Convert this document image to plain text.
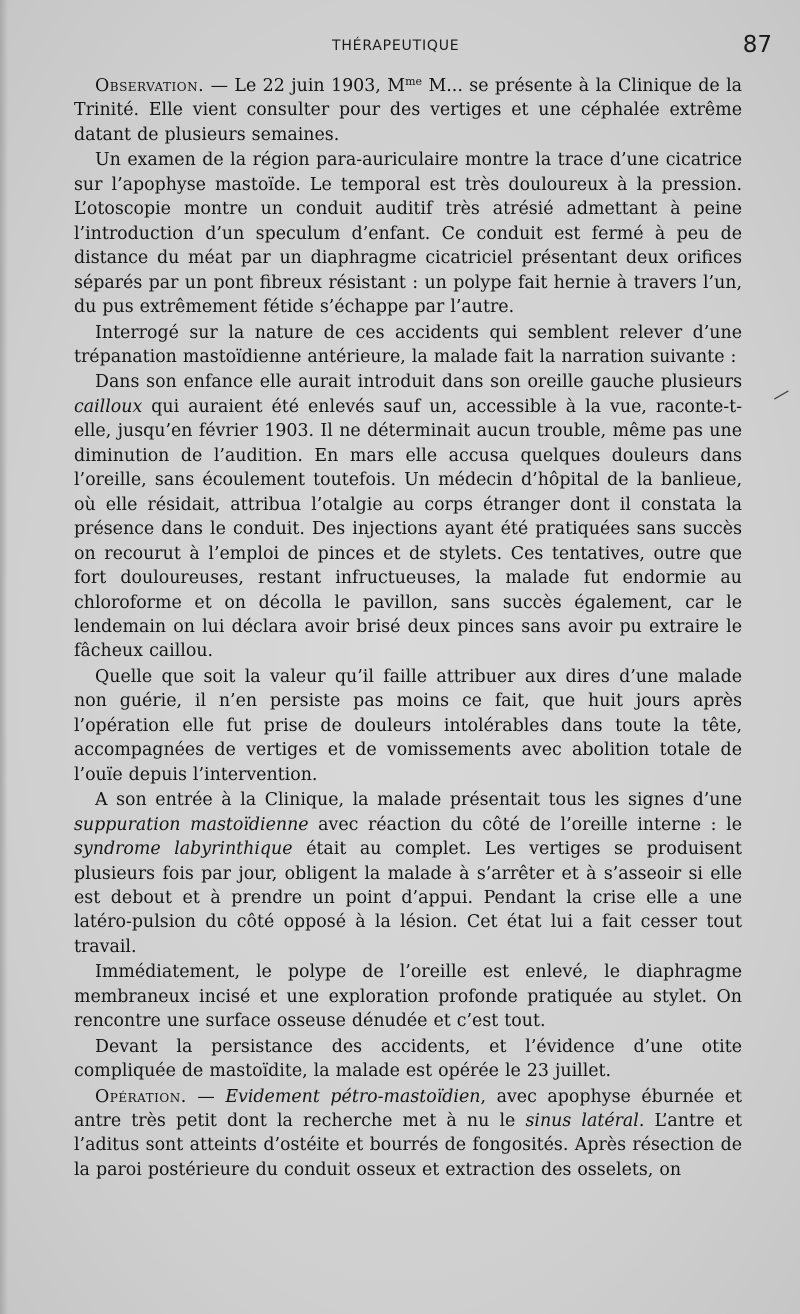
THÉRAPEUTIQUE	87

Observation. — Le 22 juin 1903, $M^{me}$ M... se présente à la Clinique de la Trinité. Elle vient consulter pour des vertiges et une céphalée extrême datant de plusieurs semaines.

Un examen de la région para-auriculaire montre la trace d’une cicatrice sur l’apophyse mastoïde. Le temporal est très douloureux à la pression. L’otoscopie montre un conduit auditif très atrésié admettant à peine l’introduction d’un speculum d’enfant. Ce conduit est fermé à peu de distance du méat par un diaphragme cicatriciel présentant deux orifices séparés par un pont fibreux résistant : un polype fait hernie à travers l’un, du pus extrêmement fétide s’échappe par l’autre.

Interrogé sur la nature de ces accidents qui semblent relever d’une trépanation mastoïdienne antérieure, la malade fait la narration suivante :

Dans son enfance elle aurait introduit dans son oreille gauche plusieurs cailloux qui auraient été enlevés sauf un, accessible à la vue, raconte-t-elle, jusqu’en février 1903. Il ne déterminait aucun trouble, même pas une diminution de l’audition. En mars elle accusa quelques douleurs dans l’oreille, sans écoulement toutefois. Un médecin d’hôpital de la banlieue, où elle résidait, attribua l’otalgie au corps étranger dont il constata la présence dans le conduit. Des injections ayant été pratiquées sans succès on recourut à l’emploi de pinces et de stylets. Ces tentatives, outre que fort douloureuses, restant infructueuses, la malade fut endormie au chloroforme et on décolla le pavillon, sans succès également, car le lendemain on lui déclara avoir brisé deux pinces sans avoir pu extraire le fâcheux caillou.

Quelle que soit la valeur qu’il faille attribuer aux dires d’une malade non guérie, il n’en persiste pas moins ce fait, que huit jours après l’opération elle fut prise de douleurs intolérables dans toute la tête, accompagnées de vertiges et de vomissements avec abolition totale de l’ouïe depuis l’intervention.

A son entrée à la Clinique, la malade présentait tous les signes d’une suppuration mastoïdienne avec réaction du côté de l’oreille interne : le syndrome labyrinthique était au complet. Les vertiges se produisent plusieurs fois par jour, obligent la malade à s’arrêter et à s’asseoir si elle est debout et à prendre un point d’appui. Pendant la crise elle a une latéro-pulsion du côté opposé à la lésion. Cet état lui a fait cesser tout travail.

Immédiatement, le polype de l’oreille est enlevé, le diaphragme membraneux incisé et une exploration profonde pratiquée au stylet. On rencontre une surface osseuse dénudée et c’est tout.

Devant la persistance des accidents, et l’évidence d’une otite compliquée de mastoïdite, la malade est opérée le 23 juillet.

Opération. — Evidement pétro-mastoïdien, avec apophyse éburnée et antre très petit dont la recherche met à nu le sinus latéral. L’antre et l’aditus sont atteints d’ostéite et bourrés de fongosités. Après résection de la paroi postérieure du conduit osseux et extraction des osselets, on

—
